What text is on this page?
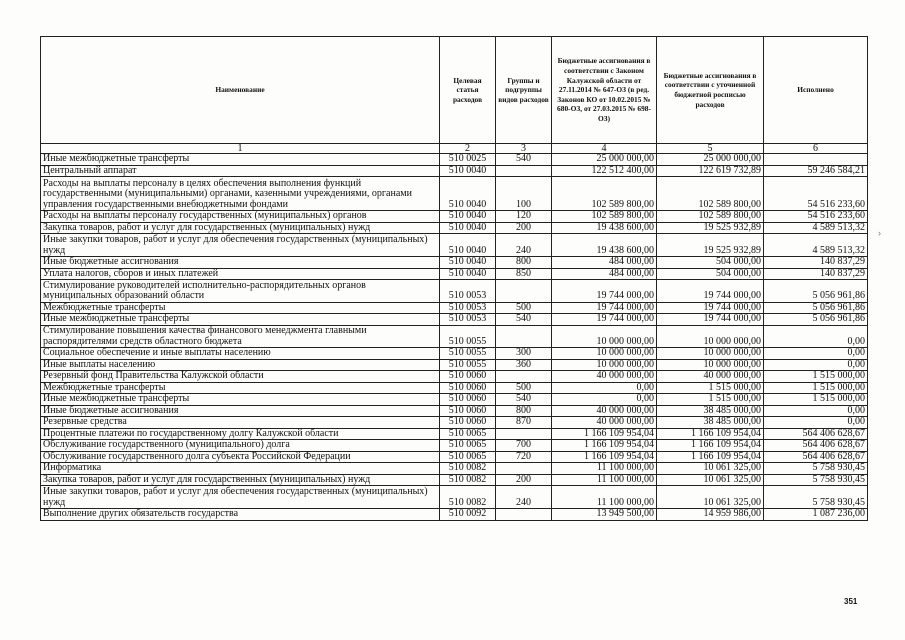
Наименование	Целевая статья расходов	Группы и подгруппы видов расходов	Бюджетные ассигнования в соответствии с Законом Калужской области от 27.11.2014 № 647-ОЗ (в ред. Законов КО от 10.02.2015 № 680-ОЗ, от 27.03.2015 № 698-ОЗ)	Бюджетные ассигнования в соответствии с уточненной бюджетной росписью расходов	Исполнено
1	2	3	4	5	6
Иные межбюджетные трансферты	510 0025	540	25 000 000,00	25 000 000,00	
Центральный аппарат	510 0040		122 512 400,00	122 619 732,89	59 246 584,21
Расходы на выплаты персоналу в целях обеспечения выполнения функций государственными (муниципальными) органами, казенными учреждениями, органами управления государственными внебюджетными фондами	510 0040	100	102 589 800,00	102 589 800,00	54 516 233,60
Расходы на выплаты персоналу государственных (муниципальных) органов	510 0040	120	102 589 800,00	102 589 800,00	54 516 233,60
Закупка товаров, работ и услуг для государственных (муниципальных) нужд	510 0040	200	19 438 600,00	19 525 932,89	4 589 513,32
Иные закупки товаров, работ и услуг для обеспечения государственных (муниципальных) нужд	510 0040	240	19 438 600,00	19 525 932,89	4 589 513,32
Иные бюджетные ассигнования	510 0040	800	484 000,00	504 000,00	140 837,29
Уплата налогов, сборов и иных платежей	510 0040	850	484 000,00	504 000,00	140 837,29
Стимулирование руководителей исполнительно-распорядительных органов муниципальных образований области	510 0053		19 744 000,00	19 744 000,00	5 056 961,86
Межбюджетные трансферты	510 0053	500	19 744 000,00	19 744 000,00	5 056 961,86
Иные межбюджетные трансферты	510 0053	540	19 744 000,00	19 744 000,00	5 056 961,86
Стимулирование повышения качества финансового менеджмента главными распорядителями средств областного бюджета	510 0055		10 000 000,00	10 000 000,00	0,00
Социальное обеспечение и иные выплаты населению	510 0055	300	10 000 000,00	10 000 000,00	0,00
Иные выплаты населению	510 0055	360	10 000 000,00	10 000 000,00	0,00
Резервный фонд Правительства Калужской области	510 0060		40 000 000,00	40 000 000,00	1 515 000,00
Межбюджетные трансферты	510 0060	500	0,00	1 515 000,00	1 515 000,00
Иные межбюджетные трансферты	510 0060	540	0,00	1 515 000,00	1 515 000,00
Иные бюджетные ассигнования	510 0060	800	40 000 000,00	38 485 000,00	0,00
Резервные средства	510 0060	870	40 000 000,00	38 485 000,00	0,00
Процентные платежи по государственному долгу Калужской области	510 0065		1 166 109 954,04	1 166 109 954,04	564 406 628,67
Обслуживание государственного (муниципального) долга	510 0065	700	1 166 109 954,04	1 166 109 954,04	564 406 628,67
Обслуживание государственного долга субъекта Российской Федерации	510 0065	720	1 166 109 954,04	1 166 109 954,04	564 406 628,67
Информатика	510 0082		11 100 000,00	10 061 325,00	5 758 930,45
Закупка товаров, работ и услуг для государственных (муниципальных) нужд	510 0082	200	11 100 000,00	10 061 325,00	5 758 930,45
Иные закупки товаров, работ и услуг для обеспечения государственных (муниципальных) нужд	510 0082	240	11 100 000,00	10 061 325,00	5 758 930,45
Выполнение других обязательств государства	510 0092		13 949 500,00	14 959 986,00	1 087 236,00
351
›
